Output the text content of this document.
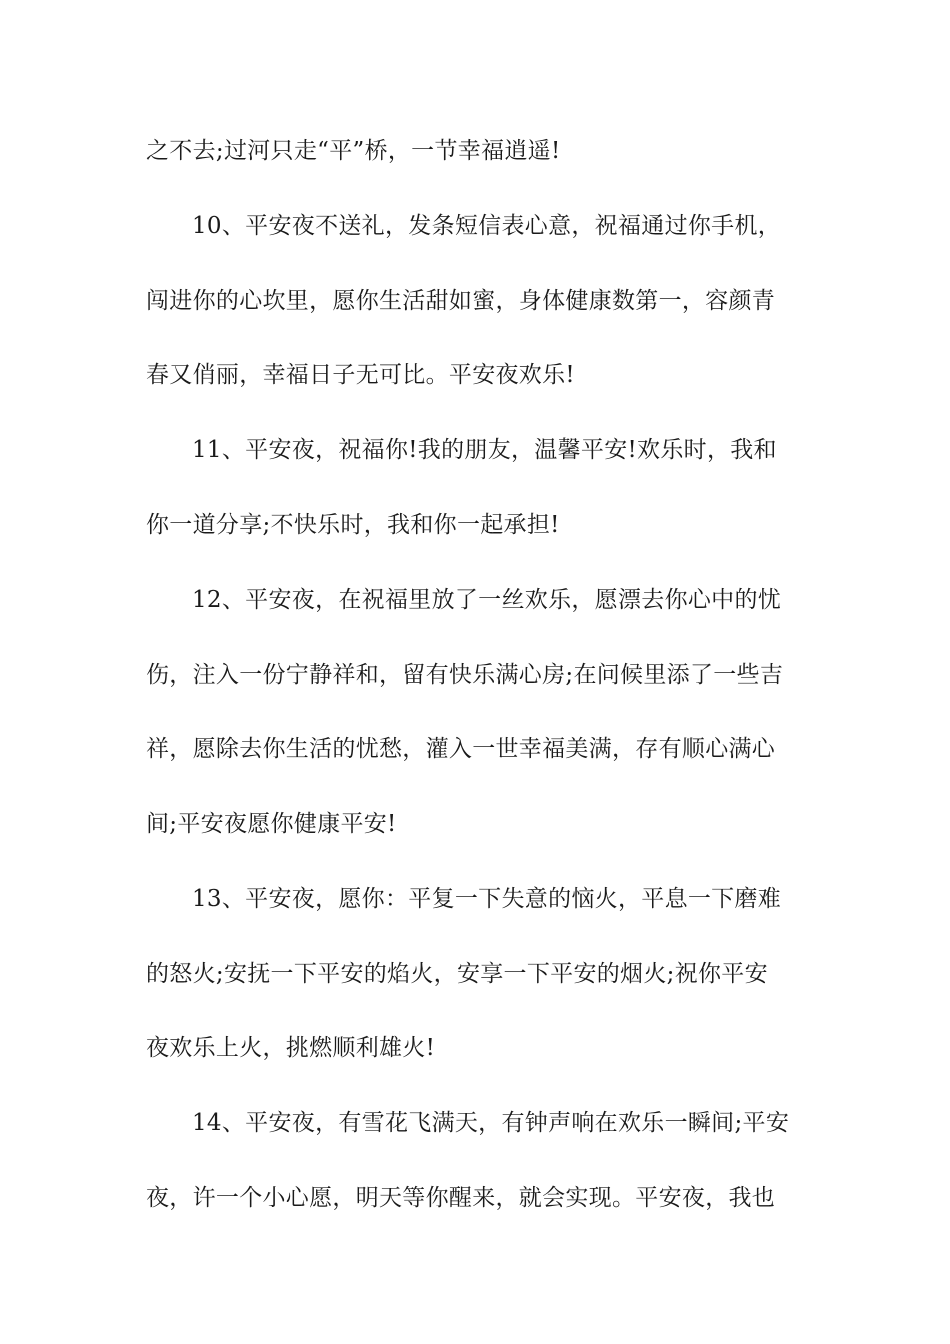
之不去;过河只走“平”桥，一节幸福逍遥!
10、平安夜不送礼，发条短信表心意，祝福通过你手机，
闯进你的心坎里，愿你生活甜如蜜，身体健康数第一，容颜青
春又俏丽，幸福日子无可比。平安夜欢乐!
11、平安夜，祝福你!我的朋友，温馨平安!欢乐时，我和
你一道分享;不快乐时，我和你一起承担!
12、平安夜，在祝福里放了一丝欢乐，愿漂去你心中的忧
伤，注入一份宁静祥和，留有快乐满心房;在问候里添了一些吉
祥，愿除去你生活的忧愁，灌入一世幸福美满，存有顺心满心
间;平安夜愿你健康平安!
13、平安夜，愿你：平复一下失意的恼火，平息一下磨难
的怒火;安抚一下平安的焰火，安享一下平安的烟火;祝你平安
夜欢乐上火，挑燃顺利雄火!
14、平安夜，有雪花飞满天，有钟声响在欢乐一瞬间;平安
夜，许一个小心愿，明天等你醒来，就会实现。平安夜，我也
